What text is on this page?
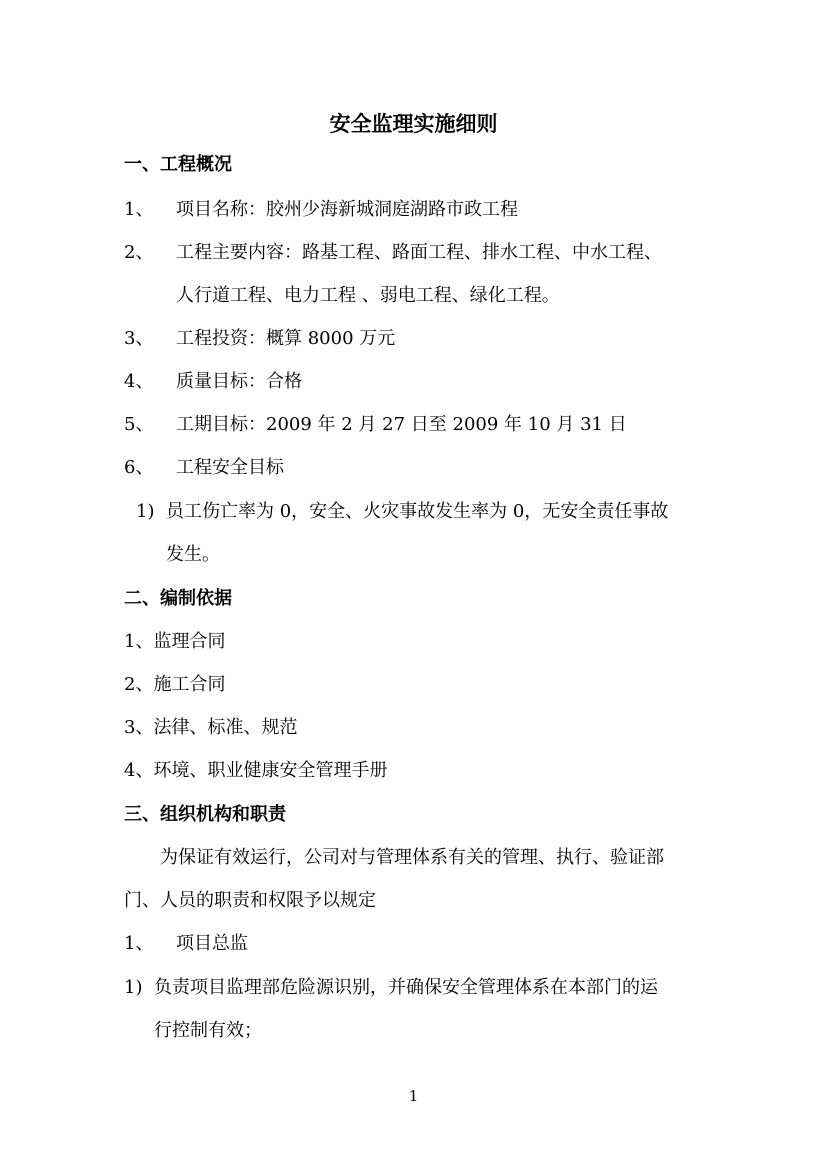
安全监理实施细则
一、工程概况
1、 项目名称：胶州少海新城洞庭湖路市政工程
2、 工程主要内容：路基工程、路面工程、排水工程、中水工程、
人行道工程、电力工程 、弱电工程、绿化工程。
3、 工程投资：概算 8000 万元
4、 质量目标：合格
5、 工期目标：2009 年 2 月 27 日至 2009 年 10 月 31 日
6、 工程安全目标
1) 员工伤亡率为 0，安全、火灾事故发生率为 0，无安全责任事故
发生。
二、编制依据
1、监理合同
2、施工合同
3、法律、标准、规范
4、环境、职业健康安全管理手册
三、组织机构和职责
为保证有效运行，公司对与管理体系有关的管理、执行、验证部
门、人员的职责和权限予以规定
1、 项目总监
1) 负责项目监理部危险源识别，并确保安全管理体系在本部门的运
行控制有效；
1
